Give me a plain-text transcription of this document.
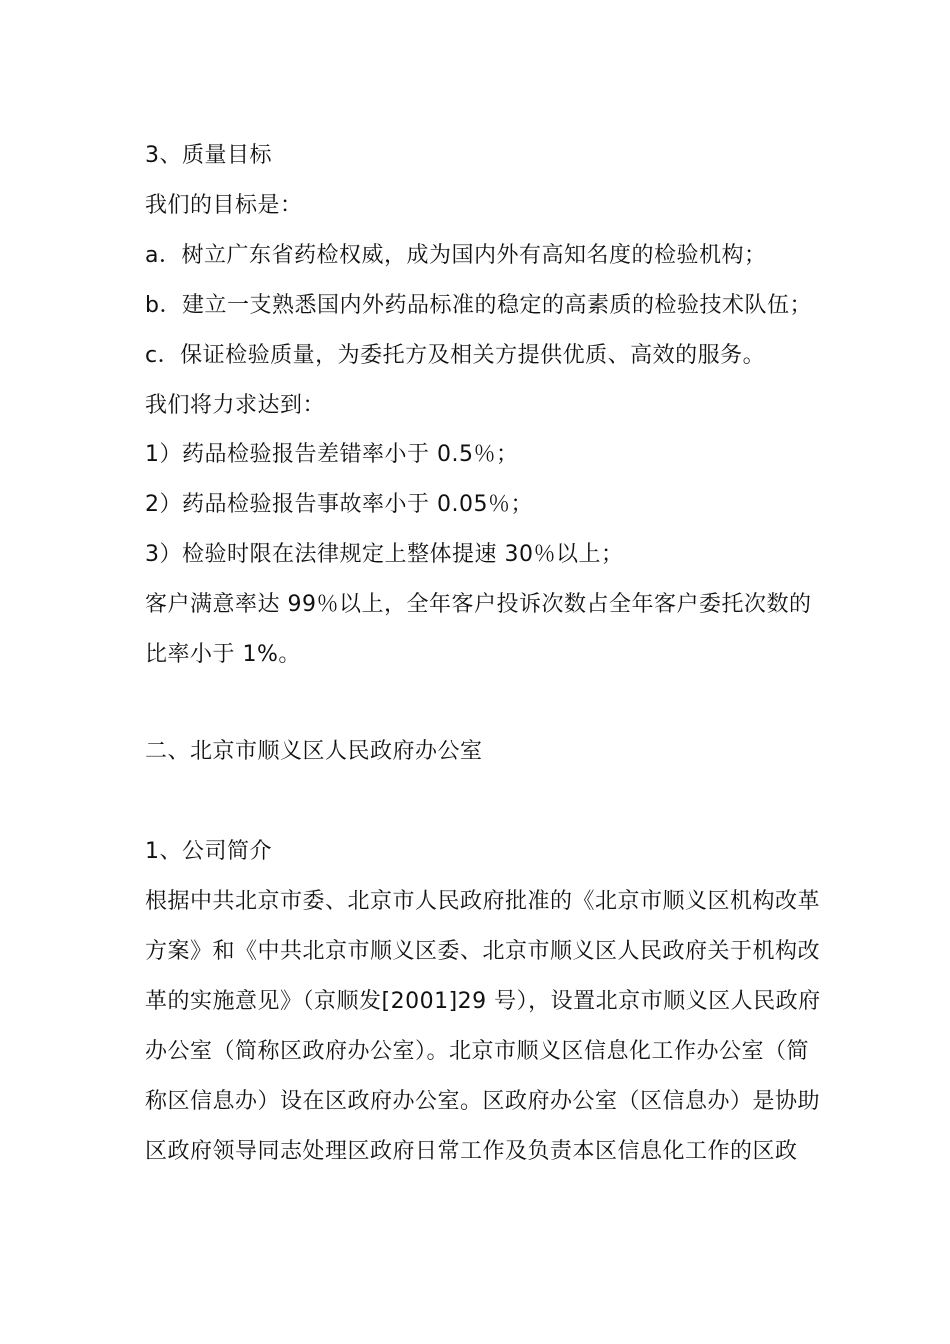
3、质量目标
我们的目标是：
a．树立广东省药检权威，成为国内外有高知名度的检验机构；
b．建立一支熟悉国内外药品标准的稳定的高素质的检验技术队伍；
c．保证检验质量，为委托方及相关方提供优质、高效的服务。
我们将力求达到：
1）药品检验报告差错率小于 0.5％；
2）药品检验报告事故率小于 0.05％；
3）检验时限在法律规定上整体提速 30％以上；
客户满意率达 99％以上，全年客户投诉次数占全年客户委托次数的
比率小于 1%。
二、北京市顺义区人民政府办公室
1、公司简介
根据中共北京市委、北京市人民政府批准的《北京市顺义区机构改革
方案》和《中共北京市顺义区委、北京市顺义区人民政府关于机构改
革的实施意见》（京顺发[2001]29 号），设置北京市顺义区人民政府
办公室（简称区政府办公室）。北京市顺义区信息化工作办公室（简
称区信息办）设在区政府办公室。区政府办公室（区信息办）是协助
区政府领导同志处理区政府日常工作及负责本区信息化工作的区政
